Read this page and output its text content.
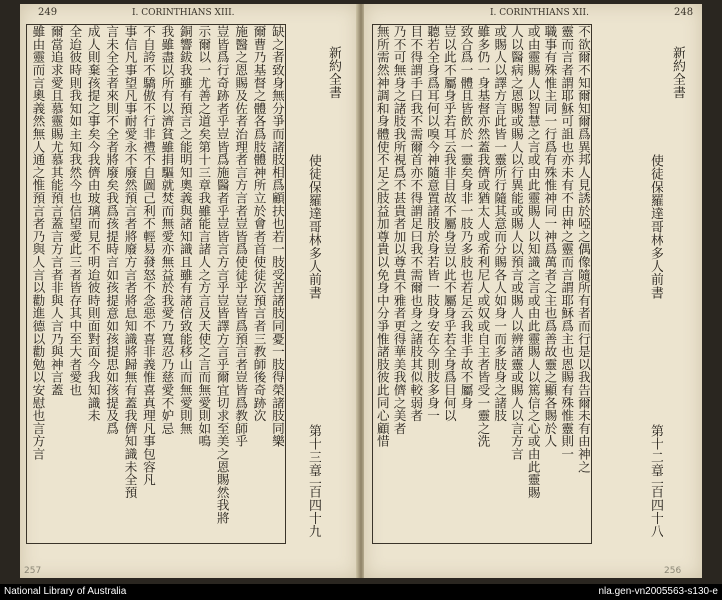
249	I. CORINTHIANS XIII.
缺之者致身無分爭而諸肢相爲顧扶也若一肢受苦諸肢同憂一肢得榮諸肢同樂
爾曹乃基督之體各爲肢體神所立於會者首使徒次預言者三教師後奇跡次
施醫之恩賜及佐者治理者言方言者豈皆爲使徒乎豈皆爲預言者豈皆爲教師乎
豈皆爲行奇跡者乎豈皆爲施醫者乎豈皆言方言乎豈皆譯方言乎爾宜切求至美之恩賜然我將
示爾以一尤善之道矣第十三章我雖能言諸人之方言及天使之言而無愛則如鳴
銅響鈸我雖有預言之能明知奧義與諸知識且雖有諸信致能移山而無愛則無
我雖盡以所有以濟貧雖捐驅就焚而無愛亦無益於我愛乃寬忍乃慈愛不妒忌
不自誇不驕傲不行非禮不自圖己利不輕易發怒不念惡不喜非義惟喜真理凡事包容凡
事信凡事望凡事耐愛永不廢然預言者將廢方言者將息知識將歸無有蓋我儕知識未全預
言未全全者來則不全者將廢矣我爲孩提時言如孩提意如孩提思如孩提及爲
成人則棄孩提之事矣今我儕由玻璃而見不明迨彼時則面對面今我知識未
全迨彼時則我知如主知我然今也信望愛此三者皆存其中至大者愛也
爾當追求愛且慕靈賜尤慕其能預言蓋言方言者非與人言乃與神言蓋
雖由靈而言奧義然無人通之惟預言者乃與人言以勸進德以勸勉以安慰也言方言	新約全書
使徒保羅達哥林多人前書
第十三章
二百四十九
257
248
I. CORINTHIANS XII.
不欲爾不知爾知爾爲異邦人見誘於啞之偶像隨所有者而行是以我告爾未有由神之
靈而言者謂耶穌可詛也亦未有不由神之靈而言謂耶穌爲主也恩賜有殊惟靈則一
職事有殊惟主同一行爲有殊惟神同一神爲萬者之主也爲善故靈之顯各賜於人
或由靈賜人以智慧之言或由此靈賜人以知識之言或由此靈賜人以篤信之心或由此靈賜
人以醫病之恩賜或賜人以行異能或賜人以預言或賜人以辨諸靈或賜人以言方言
或賜人以譯方言此皆一靈所行隨其意而分賜各人如身一而多肢身之諸肢
雖多仍一身基督亦然蓋我儕或猶太人或希利尼人或奴或自主者皆受一靈之洗
致合爲一體且皆飲於一靈矣身非一肢乃多肢也若足云我非手故不屬身
豈以此不屬身乎若耳云我非目故不屬身豈以此不屬身乎若全身爲目何以
聽若全身爲耳何以嗅今神隨意置諸肢於身若皆一肢身安在今則肢多身一
目不得謂手曰我不需爾首亦不得謂足曰我不需爾也身之諸肢其似較弱者
乃不可無身之諸肢我所視爲不甚貴者加以尊貴不雅者更得華美我儕之美者
無所需然神調和身體使不足之肢益加尊貴以免身中分爭惟諸肢彼此同心顧惜	新約全書
使徒保羅達哥林多人前書
第十二章
二百四十八
256
National Library of Australia	nla.gen-vn2005563-s130-e
